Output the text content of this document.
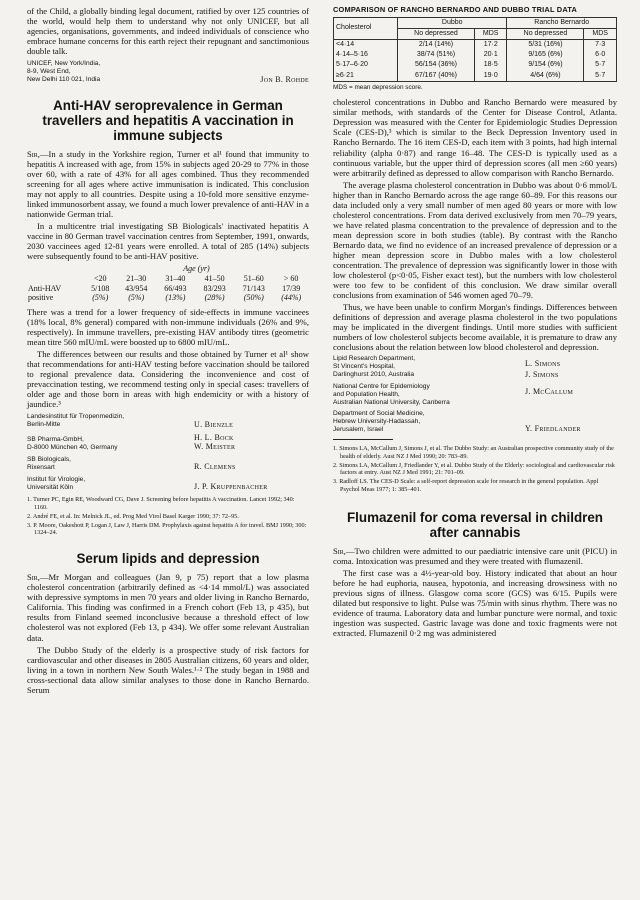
of the Child, a globally binding legal document, ratified by over 125 countries of the world, would help them to understand why not only UNICEF, but all agencies, organisations, governments, and indeed individuals of conscience who embrace humane concerns for this earth reject their repugnant and sanctimonious double talk.

UNICEF, New York/India,
8-9, West End,
New Delhi 110 021, India	Jon B. Rohde
Anti-HAV seroprevalence in German travellers and hepatitis A vaccination in immune subjects

Sir,—In a study in the Yorkshire region, Turner et al¹ found that immunity to hepatitis A increased with age, from 15% in subjects aged 20-29 to 77% in those over 60, with a rate of 43% for all ages combined. Thus they recommended screening for all ages where active immunisation is indicated. This conclusion may not apply to all countries. Despite using a 10-fold more sensitive enzyme-linked immunosorbent assay, we found a much lower prevalence of anti-HAV in a nationwide German trial.

In a multicentre trial investigating SB Biologicals' inactivated hepatitis A vaccine in 80 German travel vaccination centres from September, 1991, onwards, 2030 vaccinees aged 12-81 years were enrolled. A total of 285 (14%) subjects were subsequently found to be anti-HAV positive.

	Age (yr)					
	<20	21–30	31–40	41–50	51–60	> 60
Anti-HAV	5/108	43/954	66/493	83/293	71/143	17/39
positive	(5%)	(5%)	(13%)	(28%)	(50%)	(44%)

There was a trend for a lower frequency of side-effects in immune vaccinees (18% local, 8% general) compared with non-immune individuals (26% and 9%, respectively). In immune travellers, pre-existing HAV antibody titres (geometric mean titre 560 mIU/mL were boosted up to 6800 mIU/mL.

The differences between our results and those obtained by Turner et al¹ show that recommendations for anti-HAV testing before vaccination should be tailored to regional prevalence data. Considering the inconvenience and cost of prevaccination testing, we recommend testing only in special cases: travellers of older age and those born in areas with high endemicity or with a history of jaundice.³

Landesinstitut für Tropenmedizin,
Berlin-Mitte	U. Bienzle
SB Pharma-GmbH,
D-8000 München 40, Germany
H. L. Bock
W. Meister
SB Biologicals,
Rixensart	R. Clemens
Institut für Virologie,
Universität Köln	J. P. Kruppenbacher
1. Turner PC, Egin RE, Woodward CG, Dave J. Screening before hepatitis A vaccination. Lancet 1992; 340: 1160.
2. André FE, et al. In: Melnick JL, ed. Prog Med Virol Basel Karger 1990; 37: 72–95.
3. P. Moore, Oakeshott P, Logan J, Law J, Harris DM. Prophylaxis against hepatitis A for travel. BMJ 1990; 300: 1324–24.
Serum lipids and depression

Sir,—Mr Morgan and colleagues (Jan 9, p 75) report that a low plasma cholesterol concentration (arbitrarily defined as <4·14 mmol/L) was associated with depressive symptoms in men 70 years and older living in Rancho Bernardo, California. This finding was confirmed in a French cohort (Feb 13, p 435), but results from Finland seemed inconclusive because a threshold effect of low cholesterol was not explored (Feb 13, p 434). We offer some relevant Australian data.

The Dubbo Study of the elderly is a prospective study of risk factors for cardiovascular and other diseases in 2805 Australian citizens, 60 years and older, living in a town in northern New South Wales.¹·² The study began in 1988 and cross-sectional data allow similar analyses to those done in Rancho Bernardo. Serum

COMPARISON OF RANCHO BERNARDO AND DUBBO TRIAL DATA
Cholesterol	Dubbo		Rancho Bernardo	
	No depressed	MDS	No depressed	MDS
<4·14	2/14 (14%)	17·2	5/31 (16%)	7·3
4·14–5·16	38/74 (51%)	20·1	9/165 (6%)	6·0
5·17–6·20	56/154 (36%)	18·5	9/154 (6%)	5·7
≥6·21	67/167 (40%)	19·0	4/64 (6%)	5·7
MDS = mean depression score.

cholesterol concentrations in Dubbo and Rancho Bernardo were measured by similar methods, with standards of the Center for Disease Control, Atlanta. Depression was measured with the Center for Epidemiologic Studies Depression Scale (CES-D),³ which is similar to the Beck Depression Inventory used in Rancho Bernardo. The 16 item CES-D, each item with 3 points, had high internal reliability (alpha 0·87) and range 16–48. The CES-D is typically used as a continuous variable, but the upper third of depression scores (all men ≥60 years) were arbitrarily defined as depressed to allow comparison with Rancho Bernardo.

The average plasma cholesterol concentration in Dubbo was about 0·6 mmol/L higher than in Rancho Bernardo across the age range 60–89. For this reasons our data included only a very small number of men aged 80 years or more with low cholesterol concentrations. From data derived exclusively from men 70–79 years, we have related plasma concentration to the prevalence of depression and to the mean depression score in both studies (table). By contrast with the Rancho Bernardo data, we find no evidence of an increased prevalence of depression or a higher mean depression score in Dubbo males with a low cholesterol concentration. The prevalence of depression was significantly lower in those with low cholesterol (p<0·05, Fisher exact test), but the numbers with low cholesterol were too few to be confident of this conclusion. We draw similar overall conclusions from examination of 546 women aged 70–79.

Thus, we have been unable to confirm Morgan's findings. Differences between definitions of depression and average plasma cholesterol in the two populations may be implicated in the divergent findings. Until more studies with sufficient numbers of low cholesterol subjects become available, it is premature to draw any conclusions about the relation between low blood cholesterol and depression.

Lipid Research Department,
St Vincent's Hospital,
Darlinghurst 2010, Australia
L. Simons
J. Simons
National Centre for Epidemiology
and Population Health,
Australian National University, Canberra
J. McCallum
Department of Social Medicine,
Hebrew University-Hadassah,
Jerusalem, Israel	Y. Friedlander
1. Simons LA, McCallum J, Simons J, et al. The Dubbo Study: an Australian prospective community study of the health of elderly. Aust NZ J Med 1990; 20: 783–89.
2. Simons LA, McCallum J, Friedlander Y, et al. Dubbo Study of the Elderly: sociological and cardiovascular risk factors at entry. Aust NZ J Med 1991; 21: 701–09.
3. Radloff LS. The CES-D Scale: a self-report depression scale for research in the general population. Appl Psychol Meas 1977; 1: 385–401.
Flumazenil for coma reversal in children after cannabis

Sir,—Two children were admitted to our paediatric intensive care unit (PICU) in coma. Intoxication was presumed and they were treated with flumazenil.

The first case was a 4½-year-old boy. History indicated that about an hour before he had euphoria, nausea, hypotonia, and increasing drowsiness with no previous signs of illness. Glasgow coma score (GCS) was 6/15. Pupils were dilated but responsive to light. Pulse was 75/min with sinus rhythm. There was no evidence of trauma. Laboratory data and lumbar puncture were normal, and toxic ingestion was suspected. Gastric lavage was done and toxic fragments were not extracted. Flumazenil 0·2 mg was administered
